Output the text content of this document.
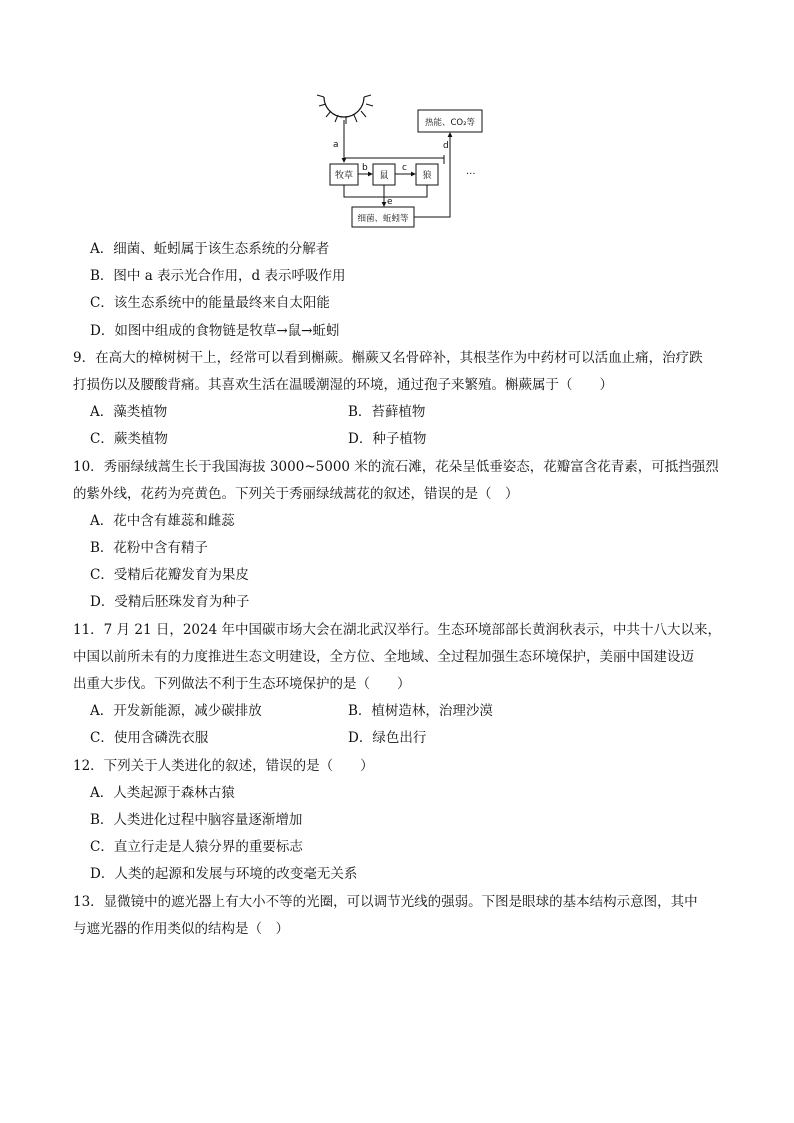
a
牧草	鼠	狼
热能、CO₂等
细菌、蚯蚓等
b	c
e
d
···
A．细菌、蚯蚓属于该生态系统的分解者
B．图中 a 表示光合作用，d 表示呼吸作用
C．该生态系统中的能量最终来自太阳能
D．如图中组成的食物链是牧草→鼠→蚯蚓
9．在高大的樟树树干上，经常可以看到槲蕨。槲蕨又名骨碎补，其根茎作为中药材可以活血止痛，治疗跌
打损伤以及腰酸背痛。其喜欢生活在温暖潮湿的环境，通过孢子来繁殖。槲蕨属于（　　）
A．藻类植物	B．苔藓植物
C．蕨类植物	D．种子植物
10．秀丽绿绒蒿生长于我国海拔 3000~5000 米的流石滩，花朵呈低垂姿态，花瓣富含花青素，可抵挡强烈
的紫外线，花药为亮黄色。下列关于秀丽绿绒蒿花的叙述，错误的是（　）
A．花中含有雄蕊和雌蕊
B．花粉中含有精子
C．受精后花瓣发育为果皮
D．受精后胚珠发育为种子
11．7 月 21 日，2024 年中国碳市场大会在湖北武汉举行。生态环境部部长黄润秋表示，中共十八大以来，
中国以前所未有的力度推进生态文明建设，全方位、全地域、全过程加强生态环境保护，美丽中国建设迈
出重大步伐。下列做法不利于生态环境保护的是（　　）
A．开发新能源，减少碳排放	B．植树造林，治理沙漠
C．使用含磷洗衣服	D．绿色出行
12．下列关于人类进化的叙述，错误的是（　　）
A．人类起源于森林古猿
B．人类进化过程中脑容量逐渐增加
C．直立行走是人猿分界的重要标志
D．人类的起源和发展与环境的改变毫无关系
13．显微镜中的遮光器上有大小不等的光圈，可以调节光线的强弱。下图是眼球的基本结构示意图，其中
与遮光器的作用类似的结构是（　）
